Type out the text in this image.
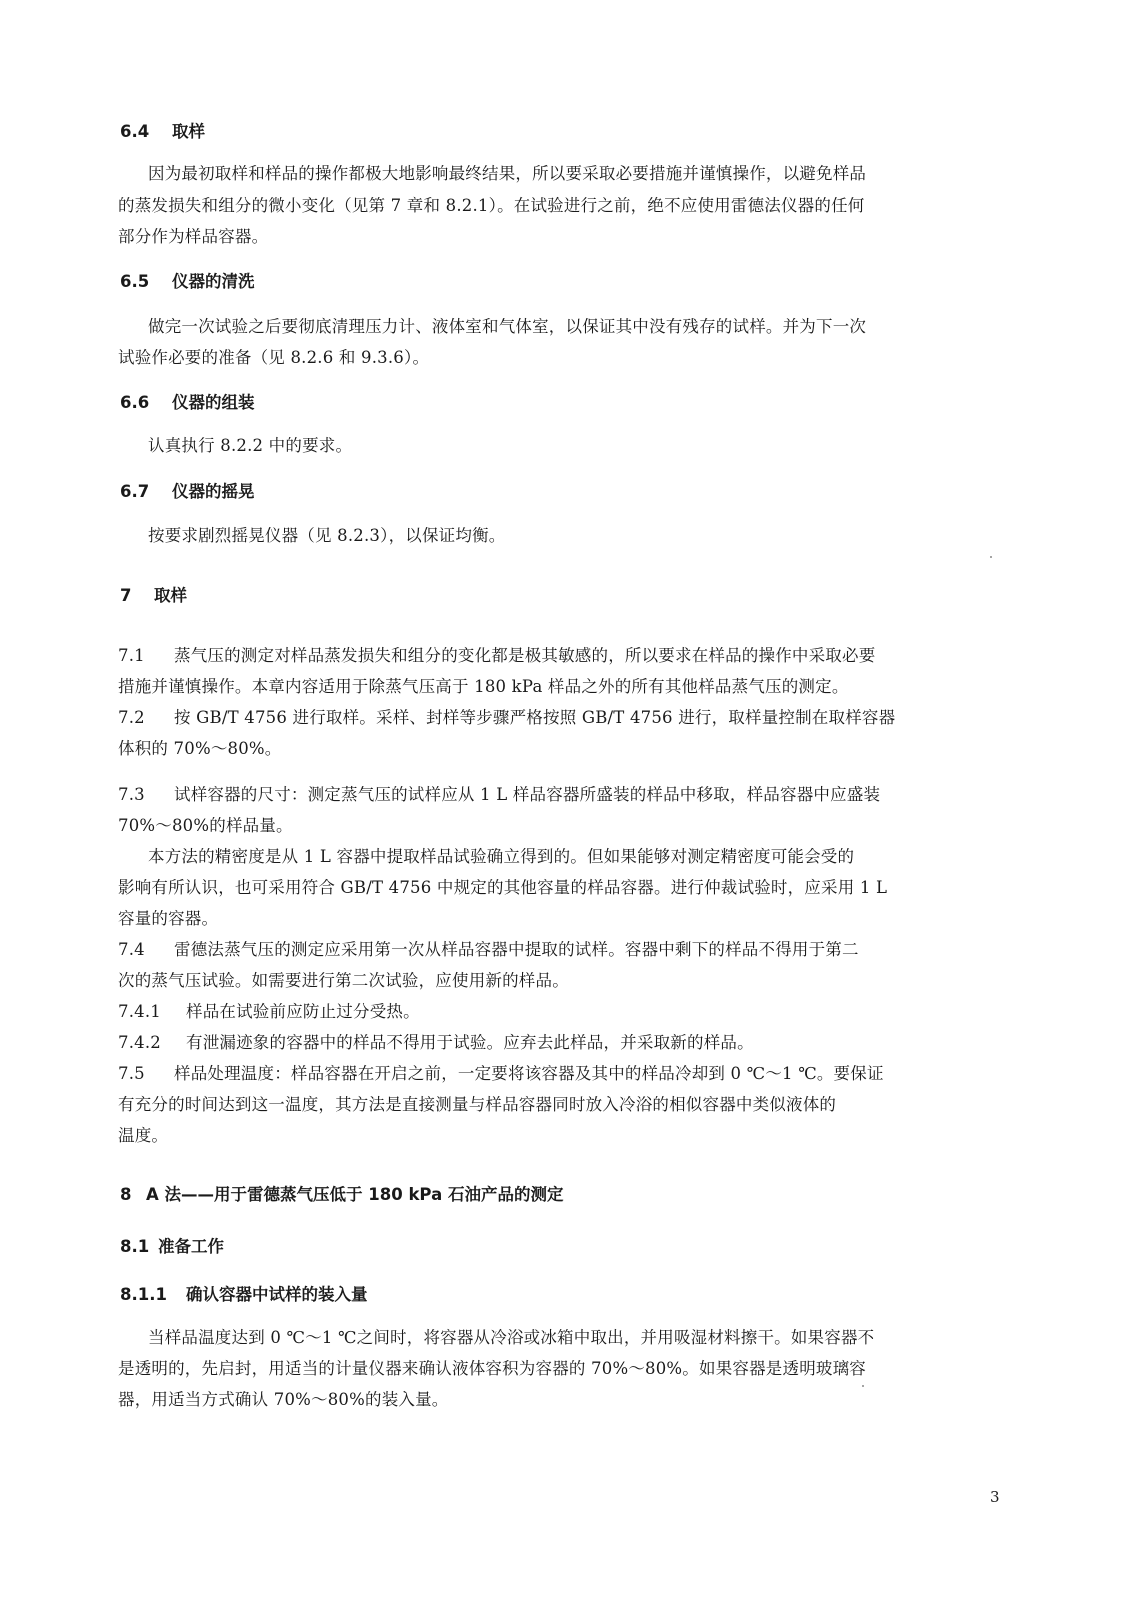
6.4 取样
因为最初取样和样品的操作都极大地影响最终结果，所以要采取必要措施并谨慎操作，以避免样品
的蒸发损失和组分的微小变化（见第 7 章和 8.2.1）。在试验进行之前，绝不应使用雷德法仪器的任何
部分作为样品容器。
6.5 仪器的清洗
做完一次试验之后要彻底清理压力计、液体室和气体室，以保证其中没有残存的试样。并为下一次
试验作必要的准备（见 8.2.6 和 9.3.6）。
6.6 仪器的组装
认真执行 8.2.2 中的要求。
6.7 仪器的摇晃
按要求剧烈摇晃仪器（见 8.2.3），以保证均衡。
7 取样
7.1 蒸气压的测定对样品蒸发损失和组分的变化都是极其敏感的，所以要求在样品的操作中采取必要
措施并谨慎操作。本章内容适用于除蒸气压高于 180 kPa 样品之外的所有其他样品蒸气压的测定。
7.2 按 GB/T 4756 进行取样。采样、封样等步骤严格按照 GB/T 4756 进行，取样量控制在取样容器
体积的 70%～80%。
7.3 试样容器的尺寸：测定蒸气压的试样应从 1 L 样品容器所盛装的样品中移取，样品容器中应盛装
70%～80%的样品量。
本方法的精密度是从 1 L 容器中提取样品试验确立得到的。但如果能够对测定精密度可能会受的
影响有所认识，也可采用符合 GB/T 4756 中规定的其他容量的样品容器。进行仲裁试验时，应采用 1 L
容量的容器。
7.4 雷德法蒸气压的测定应采用第一次从样品容器中提取的试样。容器中剩下的样品不得用于第二
次的蒸气压试验。如需要进行第二次试验，应使用新的样品。
7.4.1 样品在试验前应防止过分受热。
7.4.2 有泄漏迹象的容器中的样品不得用于试验。应弃去此样品，并采取新的样品。
7.5 样品处理温度：样品容器在开启之前，一定要将该容器及其中的样品冷却到 0 ℃～1 ℃。要保证
有充分的时间达到这一温度，其方法是直接测量与样品容器同时放入冷浴的相似容器中类似液体的
温度。
8 A 法——用于雷德蒸气压低于 180 kPa 石油产品的测定
8.1 准备工作
8.1.1 确认容器中试样的装入量
当样品温度达到 0 ℃～1 ℃之间时，将容器从冷浴或冰箱中取出，并用吸湿材料擦干。如果容器不
是透明的，先启封，用适当的计量仪器来确认液体容积为容器的 70%～80%。如果容器是透明玻璃容
器，用适当方式确认 70%～80%的装入量。
3
